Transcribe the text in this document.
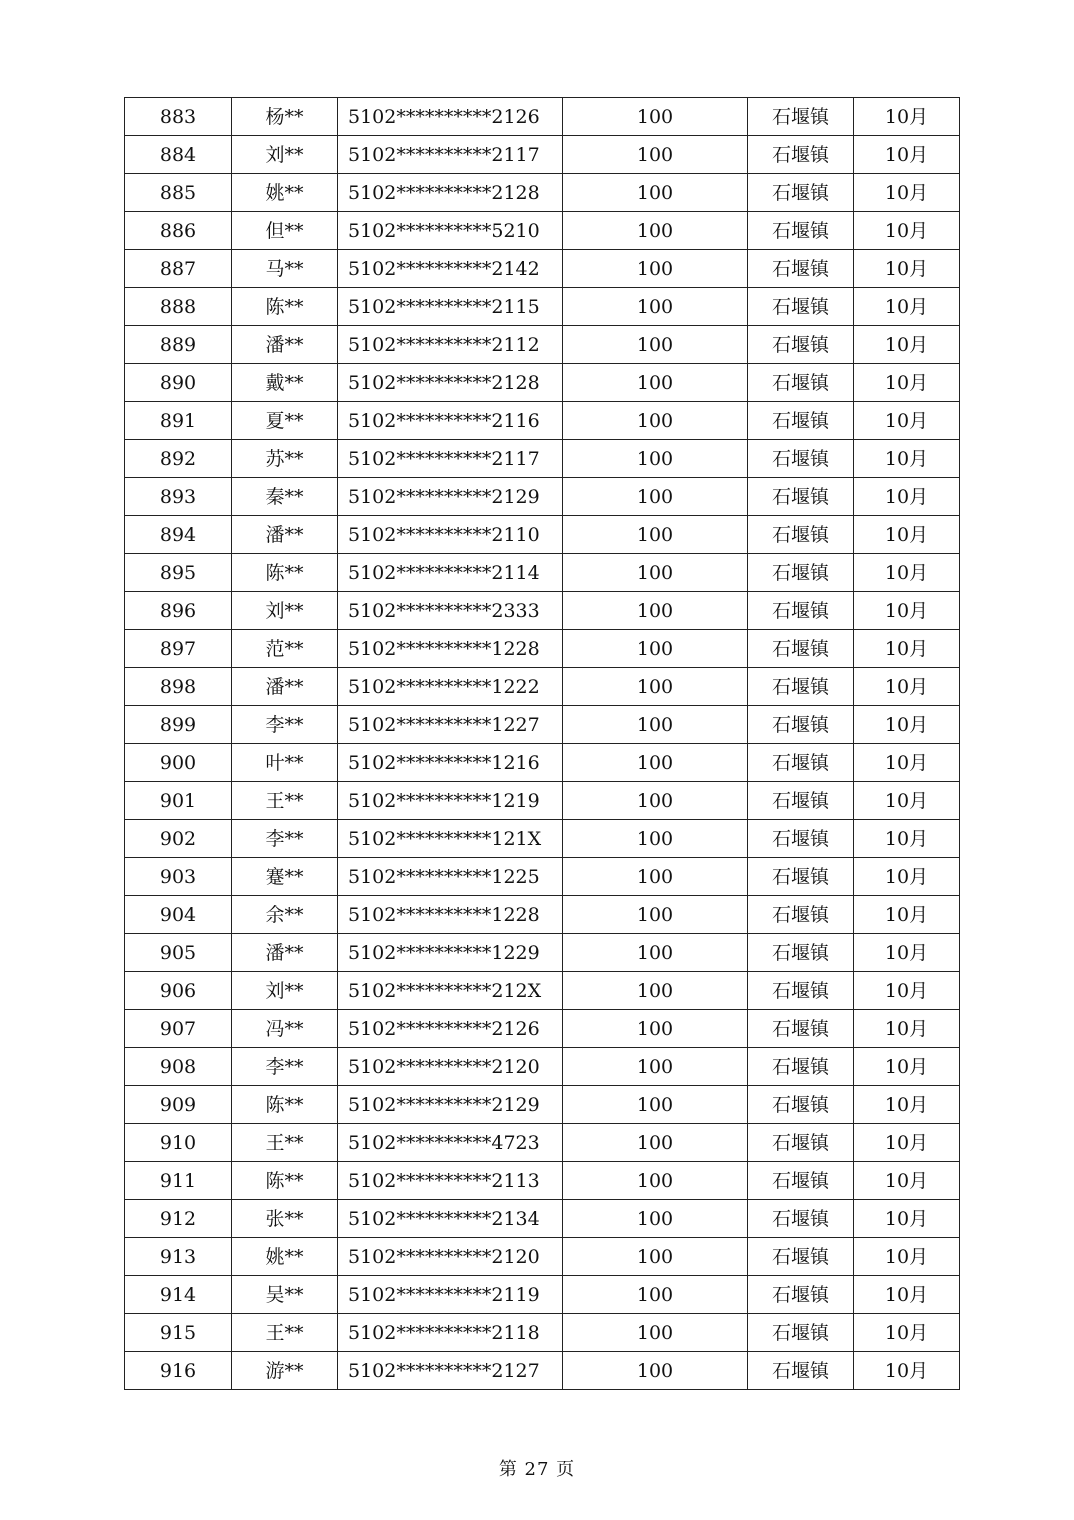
883	杨**	5102**********2126	100	石堰镇	10月
884	刘**	5102**********2117	100	石堰镇	10月
885	姚**	5102**********2128	100	石堰镇	10月
886	但**	5102**********5210	100	石堰镇	10月
887	马**	5102**********2142	100	石堰镇	10月
888	陈**	5102**********2115	100	石堰镇	10月
889	潘**	5102**********2112	100	石堰镇	10月
890	戴**	5102**********2128	100	石堰镇	10月
891	夏**	5102**********2116	100	石堰镇	10月
892	苏**	5102**********2117	100	石堰镇	10月
893	秦**	5102**********2129	100	石堰镇	10月
894	潘**	5102**********2110	100	石堰镇	10月
895	陈**	5102**********2114	100	石堰镇	10月
896	刘**	5102**********2333	100	石堰镇	10月
897	范**	5102**********1228	100	石堰镇	10月
898	潘**	5102**********1222	100	石堰镇	10月
899	李**	5102**********1227	100	石堰镇	10月
900	叶**	5102**********1216	100	石堰镇	10月
901	王**	5102**********1219	100	石堰镇	10月
902	李**	5102**********121X	100	石堰镇	10月
903	蹇**	5102**********1225	100	石堰镇	10月
904	余**	5102**********1228	100	石堰镇	10月
905	潘**	5102**********1229	100	石堰镇	10月
906	刘**	5102**********212X	100	石堰镇	10月
907	冯**	5102**********2126	100	石堰镇	10月
908	李**	5102**********2120	100	石堰镇	10月
909	陈**	5102**********2129	100	石堰镇	10月
910	王**	5102**********4723	100	石堰镇	10月
911	陈**	5102**********2113	100	石堰镇	10月
912	张**	5102**********2134	100	石堰镇	10月
913	姚**	5102**********2120	100	石堰镇	10月
914	吴**	5102**********2119	100	石堰镇	10月
915	王**	5102**********2118	100	石堰镇	10月
916	游**	5102**********2127	100	石堰镇	10月
第 27 页
